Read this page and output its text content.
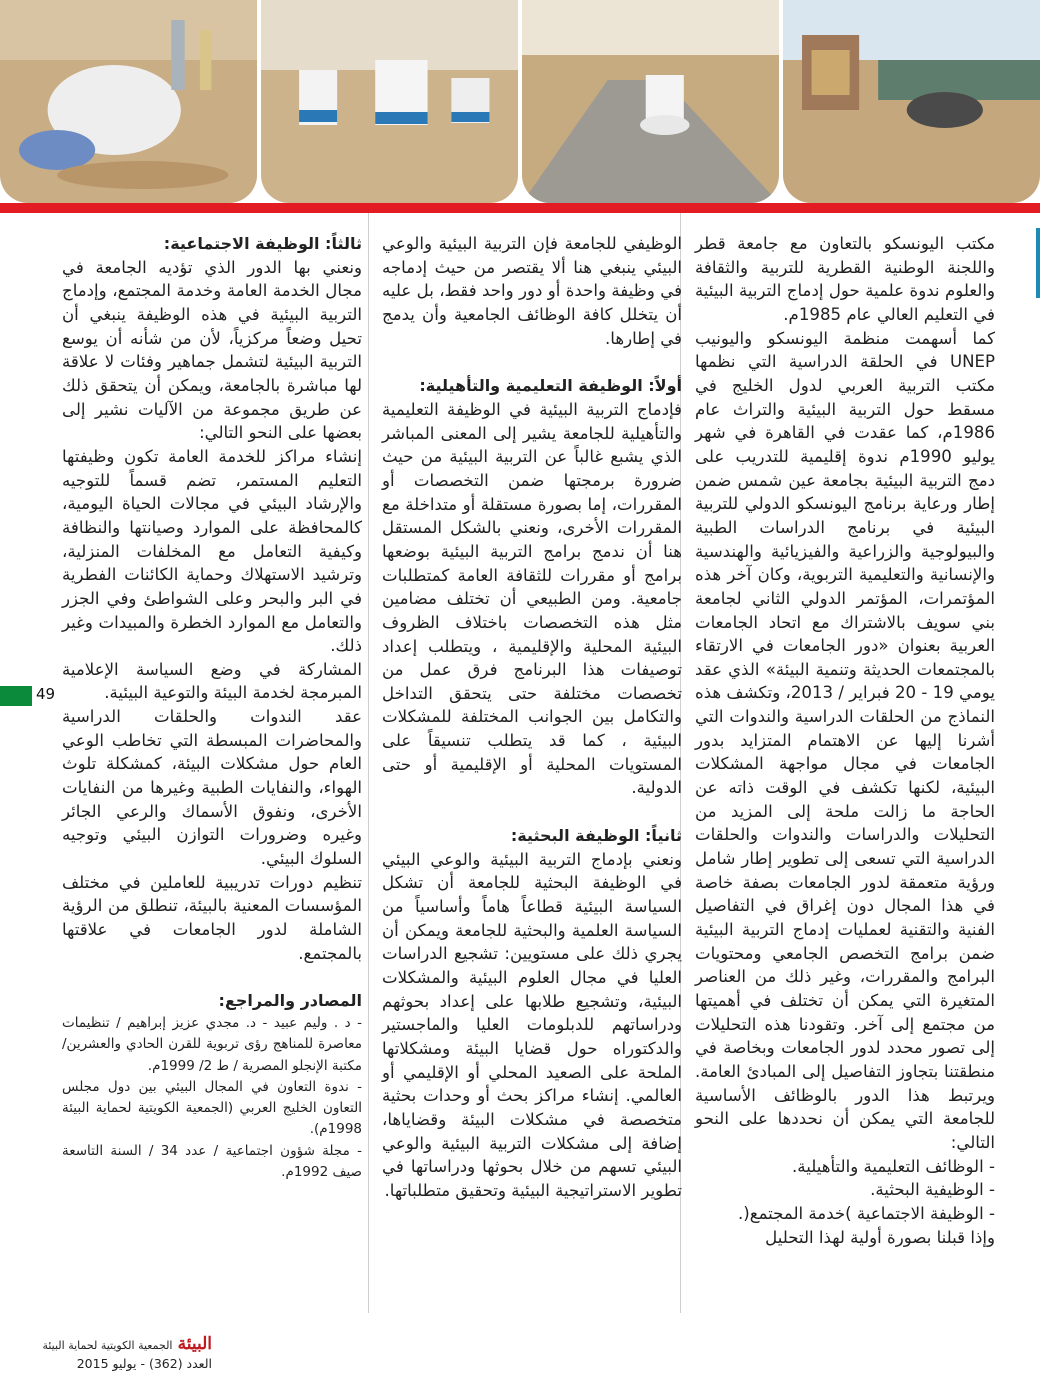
مكتب اليونسكو بالتعاون مع جامعة قطر واللجنة الوطنية القطرية للتربية والثقافة والعلوم ندوة علمية حول إدماج التربية البيئية في التعليم العالي عام 1985م.

كما أسهمت منظمة اليونسكو واليونيب UNEP في الحلقة الدراسية التي نظمها مكتب التربية العربي لدول الخليج في مسقط حول التربية البيئية والتراث عام 1986م، كما عقدت في القاهرة في شهر يوليو 1990م ندوة إقليمية للتدريب على دمج التربية البيئية بجامعة عين شمس ضمن إطار ورعاية برنامج اليونسكو الدولي للتربية البيئية في برنامج الدراسات الطبية والبيولوجية والزراعية والفيزيائية والهندسية والإنسانية والتعليمية التربوية، وكان آخر هذه المؤتمرات، المؤتمر الدولي الثاني لجامعة بني سويف بالاشتراك مع اتحاد الجامعات العربية بعنوان «دور الجامعات في الارتقاء بالمجتمعات الحديثة وتنمية البيئة» الذي عقد يومي 19 - 20 فبراير / 2013، وتكشف هذه النماذج من الحلقات الدراسية والندوات التي أشرنا إليها عن الاهتمام المتزايد بدور الجامعات في مجال مواجهة المشكلات البيئية، لكنها تكشف في الوقت ذاته عن الحاجة ما زالت ملحة إلى المزيد من التحليلات والدراسات والندوات والحلقات الدراسية التي تسعى إلى تطوير إطار شامل ورؤية متعمقة لدور الجامعات بصفة خاصة في هذا المجال دون إغراق في التفاصيل الفنية والتقنية لعمليات إدماج التربية البيئية ضمن برامج التخصص الجامعي ومحتويات البرامج والمقررات، وغير ذلك من العناصر المتغيرة التي يمكن أن تختلف في أهميتها من مجتمع إلى آخر. وتقودنا هذه التحليلات إلى تصور محدد لدور الجامعات وبخاصة في منطقتنا بتجاوز التفاصيل إلى المبادئ العامة. ويرتبط هذا الدور بالوظائف الأساسية للجامعة التي يمكن أن نحددها على النحو التالي:

- الوظائف التعليمية والتأهيلية.

- الوظيفية البحثية.

- الوظيفة الاجتماعية )خدمة المجتمع(.

وإذا قبلنا بصورة أولية لهذا التحليل

الوظيفي للجامعة فإن التربية البيئية والوعي البيئي ينبغي هنا ألا يقتصر من حيث إدماجه في وظيفة واحدة أو دور واحد فقط، بل عليه أن يتخلل كافة الوظائف الجامعية وأن يدمج في إطارها.

أولاً: الوظيفة التعليمية والتأهيلية:

فإدماج التربية البيئية في الوظيفة التعليمية والتأهيلية للجامعة يشير إلى المعنى المباشر الذي يشبع غالباً عن التربية البيئية من حيث ضرورة برمجتها ضمن التخصصات أو المقررات، إما بصورة مستقلة أو متداخلة مع المقررات الأخرى، ونعني بالشكل المستقل هنا أن ندمج برامج التربية البيئية بوضعها برامج أو مقررات للثقافة العامة كمتطلبات جامعية. ومن الطبيعي أن تختلف مضامين مثل هذه التخصصات باختلاف الظروف البيئية المحلية والإقليمية ، ويتطلب إعداد توصيفات هذا البرنامج فرق عمل من تخصصات مختلفة حتى يتحقق التداخل والتكامل بين الجوانب المختلفة للمشكلات البيئية ، كما قد يتطلب تنسيقاً على المستويات المحلية أو الإقليمية أو حتى الدولية.

ثانياً: الوظيفة البحثية:

ونعني بإدماج التربية البيئية والوعي البيئي في الوظيفة البحثية للجامعة أن تشكل السياسة البيئية قطاعاً هاماً وأساسياً من السياسة العلمية والبحثية للجامعة ويمكن أن يجري ذلك على مستويين: تشجيع الدراسات العليا في مجال العلوم البيئية والمشكلات البيئية، وتشجيع طلابها على إعداد بحوثهم ودراساتهم للدبلومات العليا والماجستير والدكتوراه حول قضايا البيئة ومشكلاتها الملحة على الصعيد المحلي أو الإقليمي أو العالمي. إنشاء مراكز بحث أو وحدات بحثية متخصصة في مشكلات البيئة وقضاياها، إضافة إلى مشكلات التربية البيئية والوعي البيئي تسهم من خلال بحوثها ودراساتها في تطوير الاستراتيجية البيئية وتحقيق متطلباتها.

ثالثاً: الوظيفة الاجتماعية:

ونعني بها الدور الذي تؤديه الجامعة في مجال الخدمة العامة وخدمة المجتمع، وإدماج التربية البيئية في هذه الوظيفة ينبغي أن تحيل وضعاً مركزياً، لأن من شأنه أن يوسع التربية البيئية لتشمل جماهير وفئات لا علاقة لها مباشرة بالجامعة، ويمكن أن يتحقق ذلك عن طريق مجموعة من الآليات نشير إلى بعضها على النحو التالي:

إنشاء مراكز للخدمة العامة تكون وظيفتها التعليم المستمر، تضم قسماً للتوجيه والإرشاد البيئي في مجالات الحياة اليومية، كالمحافظة على الموارد وصيانتها والنظافة وكيفية التعامل مع المخلفات المنزلية، وترشيد الاستهلاك وحماية الكائنات الفطرية في البر والبحر وعلى الشواطئ وفي الجزر والتعامل مع الموارد الخطرة والمبيدات وغير ذلك.

المشاركة في وضع السياسة الإعلامية المبرمجة لخدمة البيئة والتوعية البيئية.

عقد الندوات والحلقات الدراسية والمحاضرات المبسطة التي تخاطب الوعي العام حول مشكلات البيئة، كمشكلة تلوث الهواء، والنفايات الطبية وغيرها من النفايات الأخرى، ونفوق الأسماك والرعي الجائر وغيره وضرورات التوازن البيئي وتوجيه السلوك البيئي.

تنظيم دورات تدريبية للعاملين في مختلف المؤسسات المعنية بالبيئة، تنطلق من الرؤية الشاملة لدور الجامعات في علاقتها بالمجتمع.

المصادر والمراجع:

- د . وليم عبيد - د. مجدي عزيز إبراهيم / تنظيمات معاصرة للمناهج رؤى تربوية للقرن الحادي والعشرين/ مكتبة الإنجلو المصرية / ط 2/ 1999م.

- ندوة التعاون في المجال البيئي بين دول مجلس التعاون الخليج العربي (الجمعية الكويتية لحماية البيئة 1998م).

- مجلة شؤون اجتماعية / عدد 34 / السنة التاسعة صيف 1992م.

49
البيئة الجمعية الكويتية لحماية البيئة
العدد (362) - يوليو 2015
